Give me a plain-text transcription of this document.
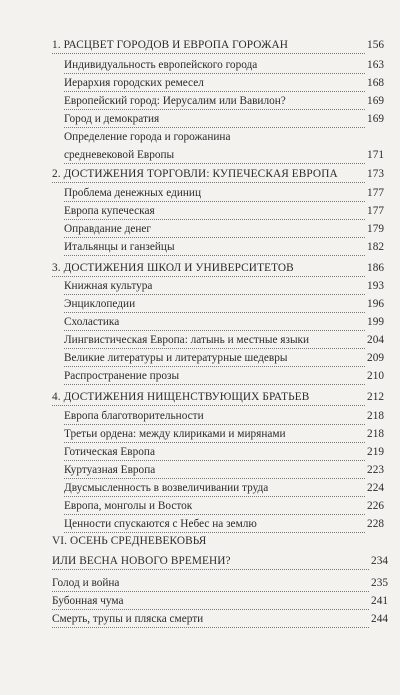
1. РАСЦВЕТ ГОРОДОВ И ЕВРОПА ГОРОЖАН	156
Индивидуальность европейского города	163
Иерархия городских ремесел	168
Европейский город: Иерусалим или Вавилон?	169
Город и демократия	169
Определение города и горожанина
средневековой Европы	171
2. ДОСТИЖЕНИЯ ТОРГОВЛИ: КУПЕЧЕСКАЯ ЕВРОПА	173
Проблема денежных единиц	177
Европа купеческая	177
Оправдание денег	179
Итальянцы и ганзейцы	182
3. ДОСТИЖЕНИЯ ШКОЛ И УНИВЕРСИТЕТОВ	186
Книжная культура	193
Энциклопедии	196
Схоластика	199
Лингвистическая Европа: латынь и местные языки	204
Великие литературы и литературные шедевры	209
Распространение прозы	210
4. ДОСТИЖЕНИЯ НИЩЕНСТВУЮЩИХ БРАТЬЕВ	212
Европа благотворительности	218
Третьи ордена: между клириками и мирянами	218
Готическая Европа	219
Куртуазная Европа	223
Двусмысленность в возвеличивании труда	224
Европа, монголы и Восток	226
Ценности спускаются с Небес на землю	228
VI. ОСЕНЬ СРЕДНЕВЕКОВЬЯ
ИЛИ ВЕСНА НОВОГО ВРЕМЕНИ?	234
Голод и война	235
Бубонная чума	241
Смерть, трупы и пляска смерти	244
